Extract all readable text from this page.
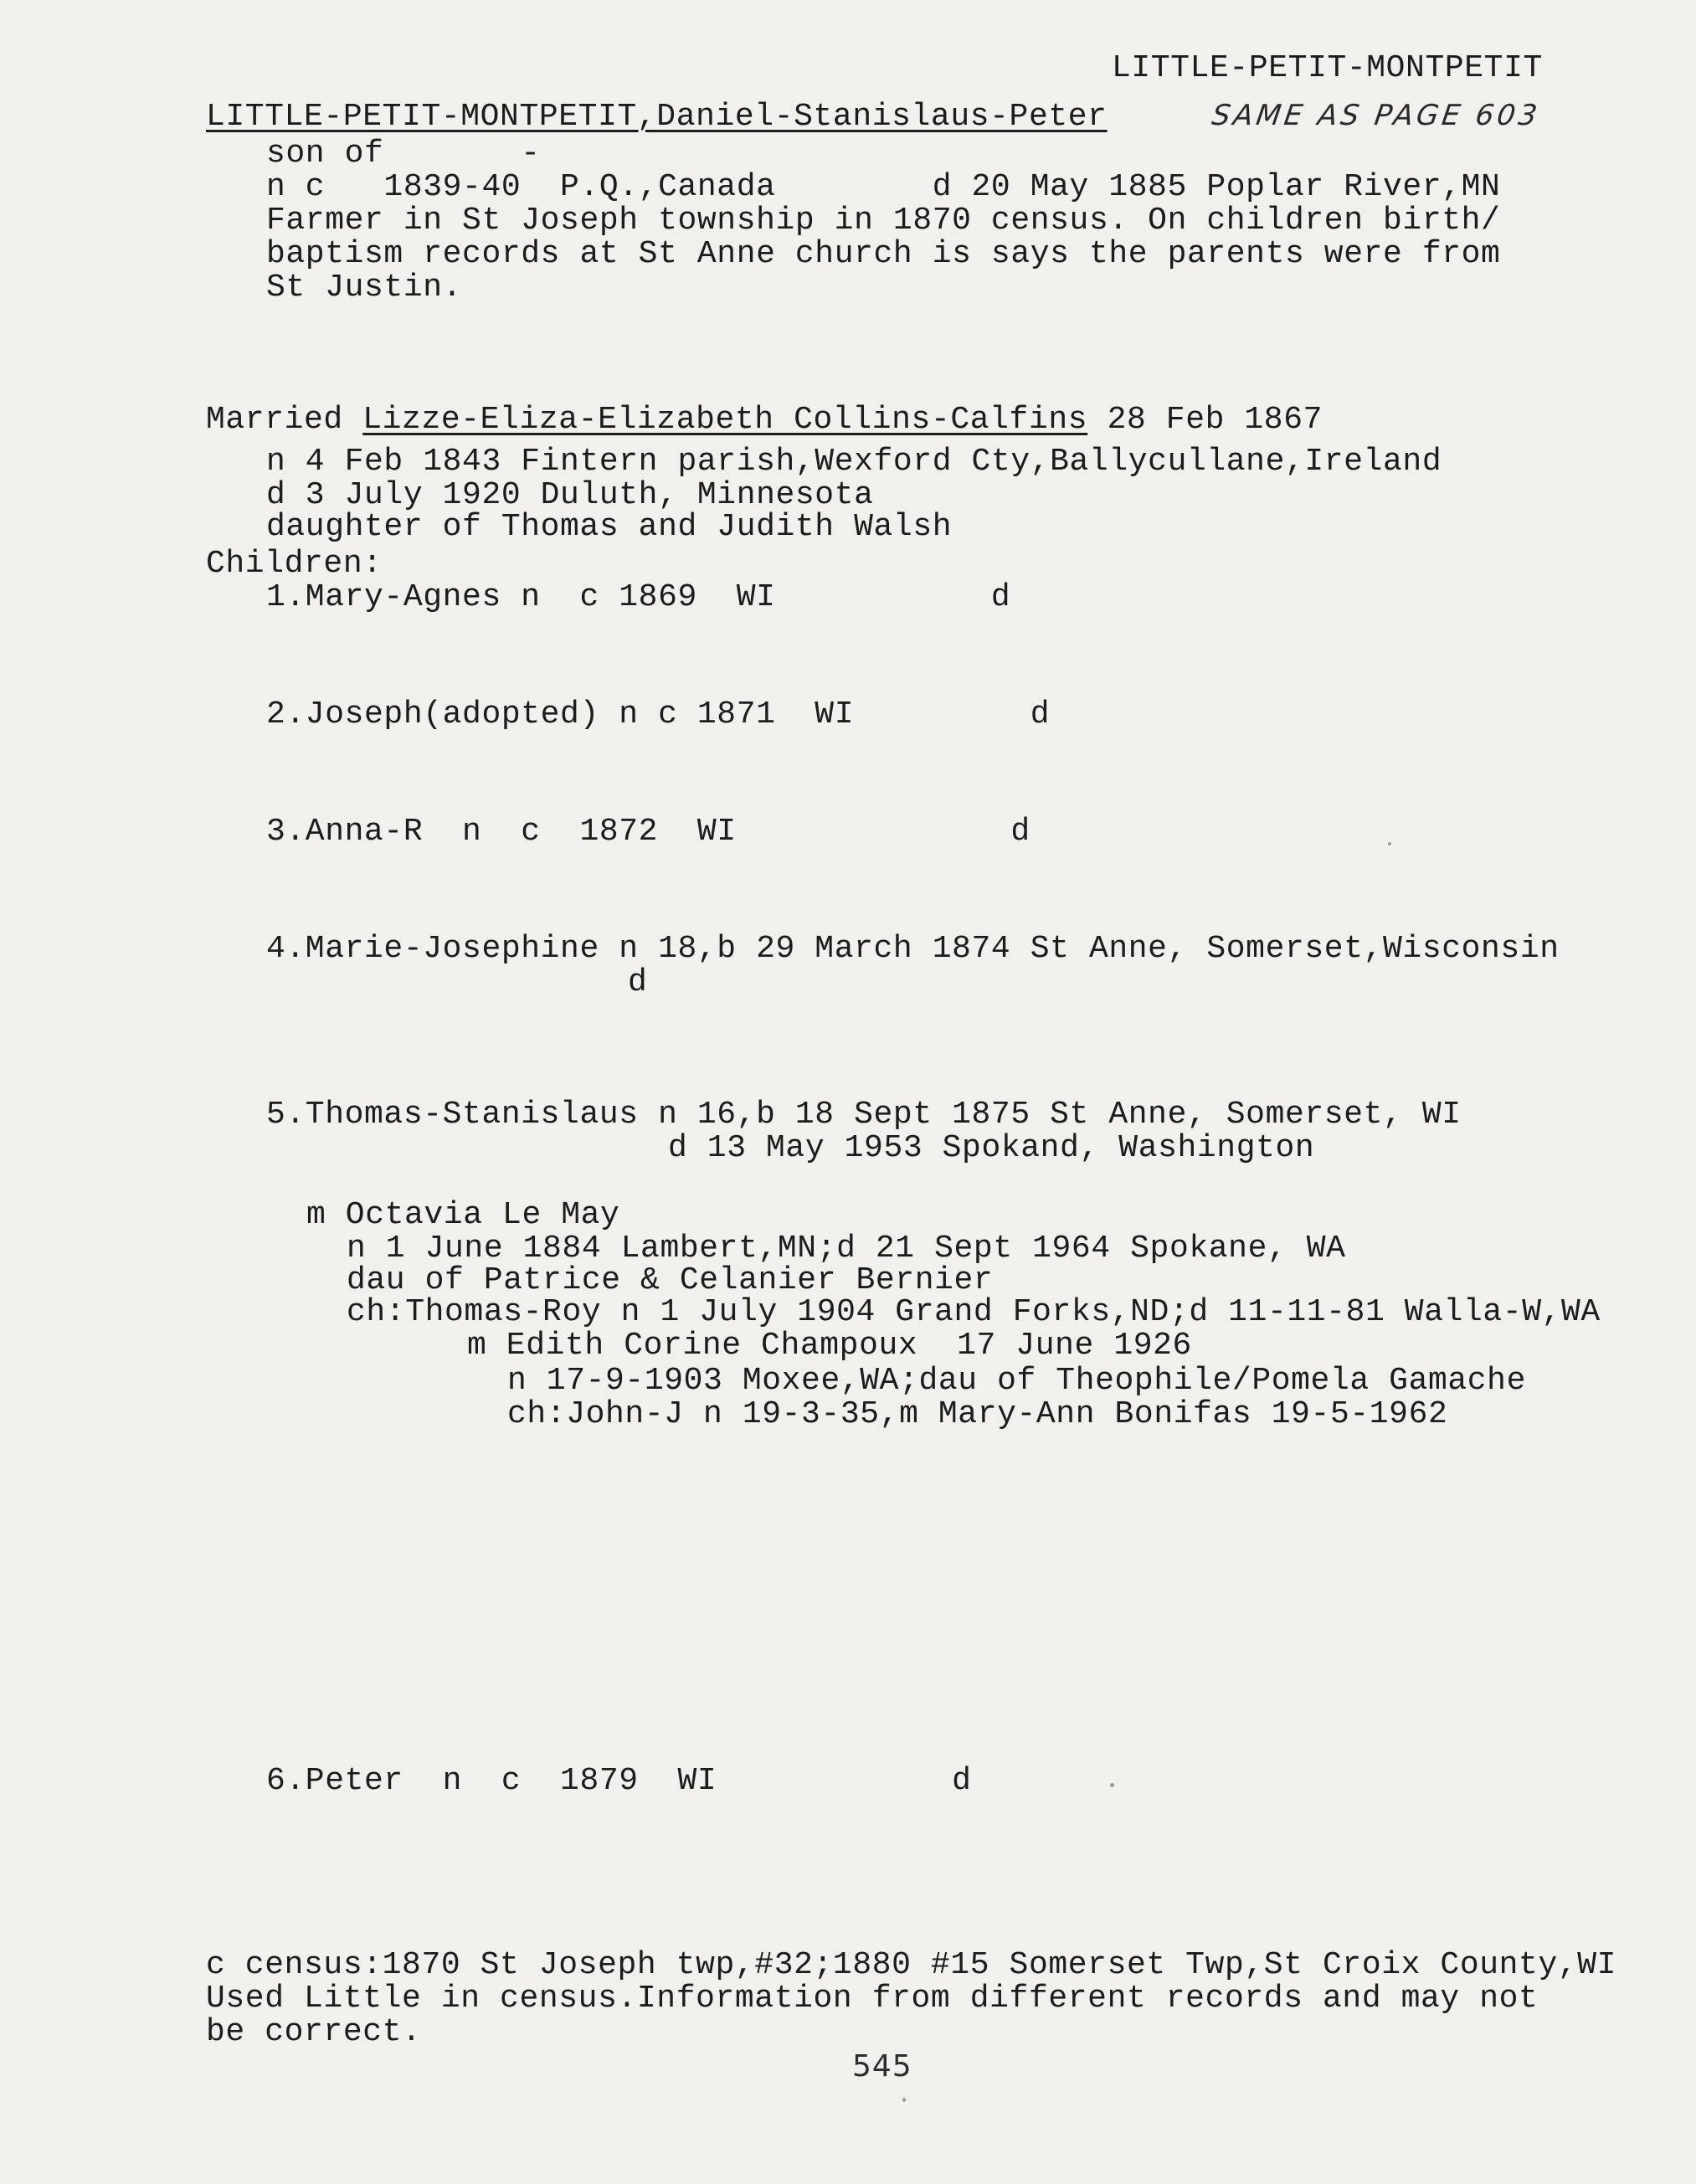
LITTLE-PETIT-MONTPETIT
LITTLE-PETIT-MONTPETIT,Daniel-Stanislaus-Peter	SAME AS PAGE 603
son of       -
n c   1839-40  P.Q.,Canada        d 20 May 1885 Poplar River,MN
Farmer in St Joseph township in 1870 census. On children birth/
baptism records at St Anne church is says the parents were from
St Justin.
Married Lizze-Eliza-Elizabeth Collins-Calfins 28 Feb 1867
n 4 Feb 1843 Fintern parish,Wexford Cty,Ballycullane,Ireland
d 3 July 1920 Duluth, Minnesota
daughter of Thomas and Judith Walsh
Children:
1.Mary-Agnes n  c 1869  WI           d
2.Joseph(adopted) n c 1871  WI         d
3.Anna-R  n  c  1872  WI              d
4.Marie-Josephine n 18,b 29 March 1874 St Anne, Somerset,Wisconsin
d
5.Thomas-Stanislaus n 16,b 18 Sept 1875 St Anne, Somerset, WI
d 13 May 1953 Spokand, Washington
m Octavia Le May
n 1 June 1884 Lambert,MN;d 21 Sept 1964 Spokane, WA
dau of Patrice & Celanier Bernier
ch:Thomas-Roy n 1 July 1904 Grand Forks,ND;d 11-11-81 Walla-W,WA
m Edith Corine Champoux  17 June 1926
n 17-9-1903 Moxee,WA;dau of Theophile/Pomela Gamache
ch:John-J n 19-3-35,m Mary-Ann Bonifas 19-5-1962
6.Peter  n  c  1879  WI            d
c census:1870 St Joseph twp,#32;1880 #15 Somerset Twp,St Croix County,WI
Used Little in census.Information from different records and may not
be correct.
545
